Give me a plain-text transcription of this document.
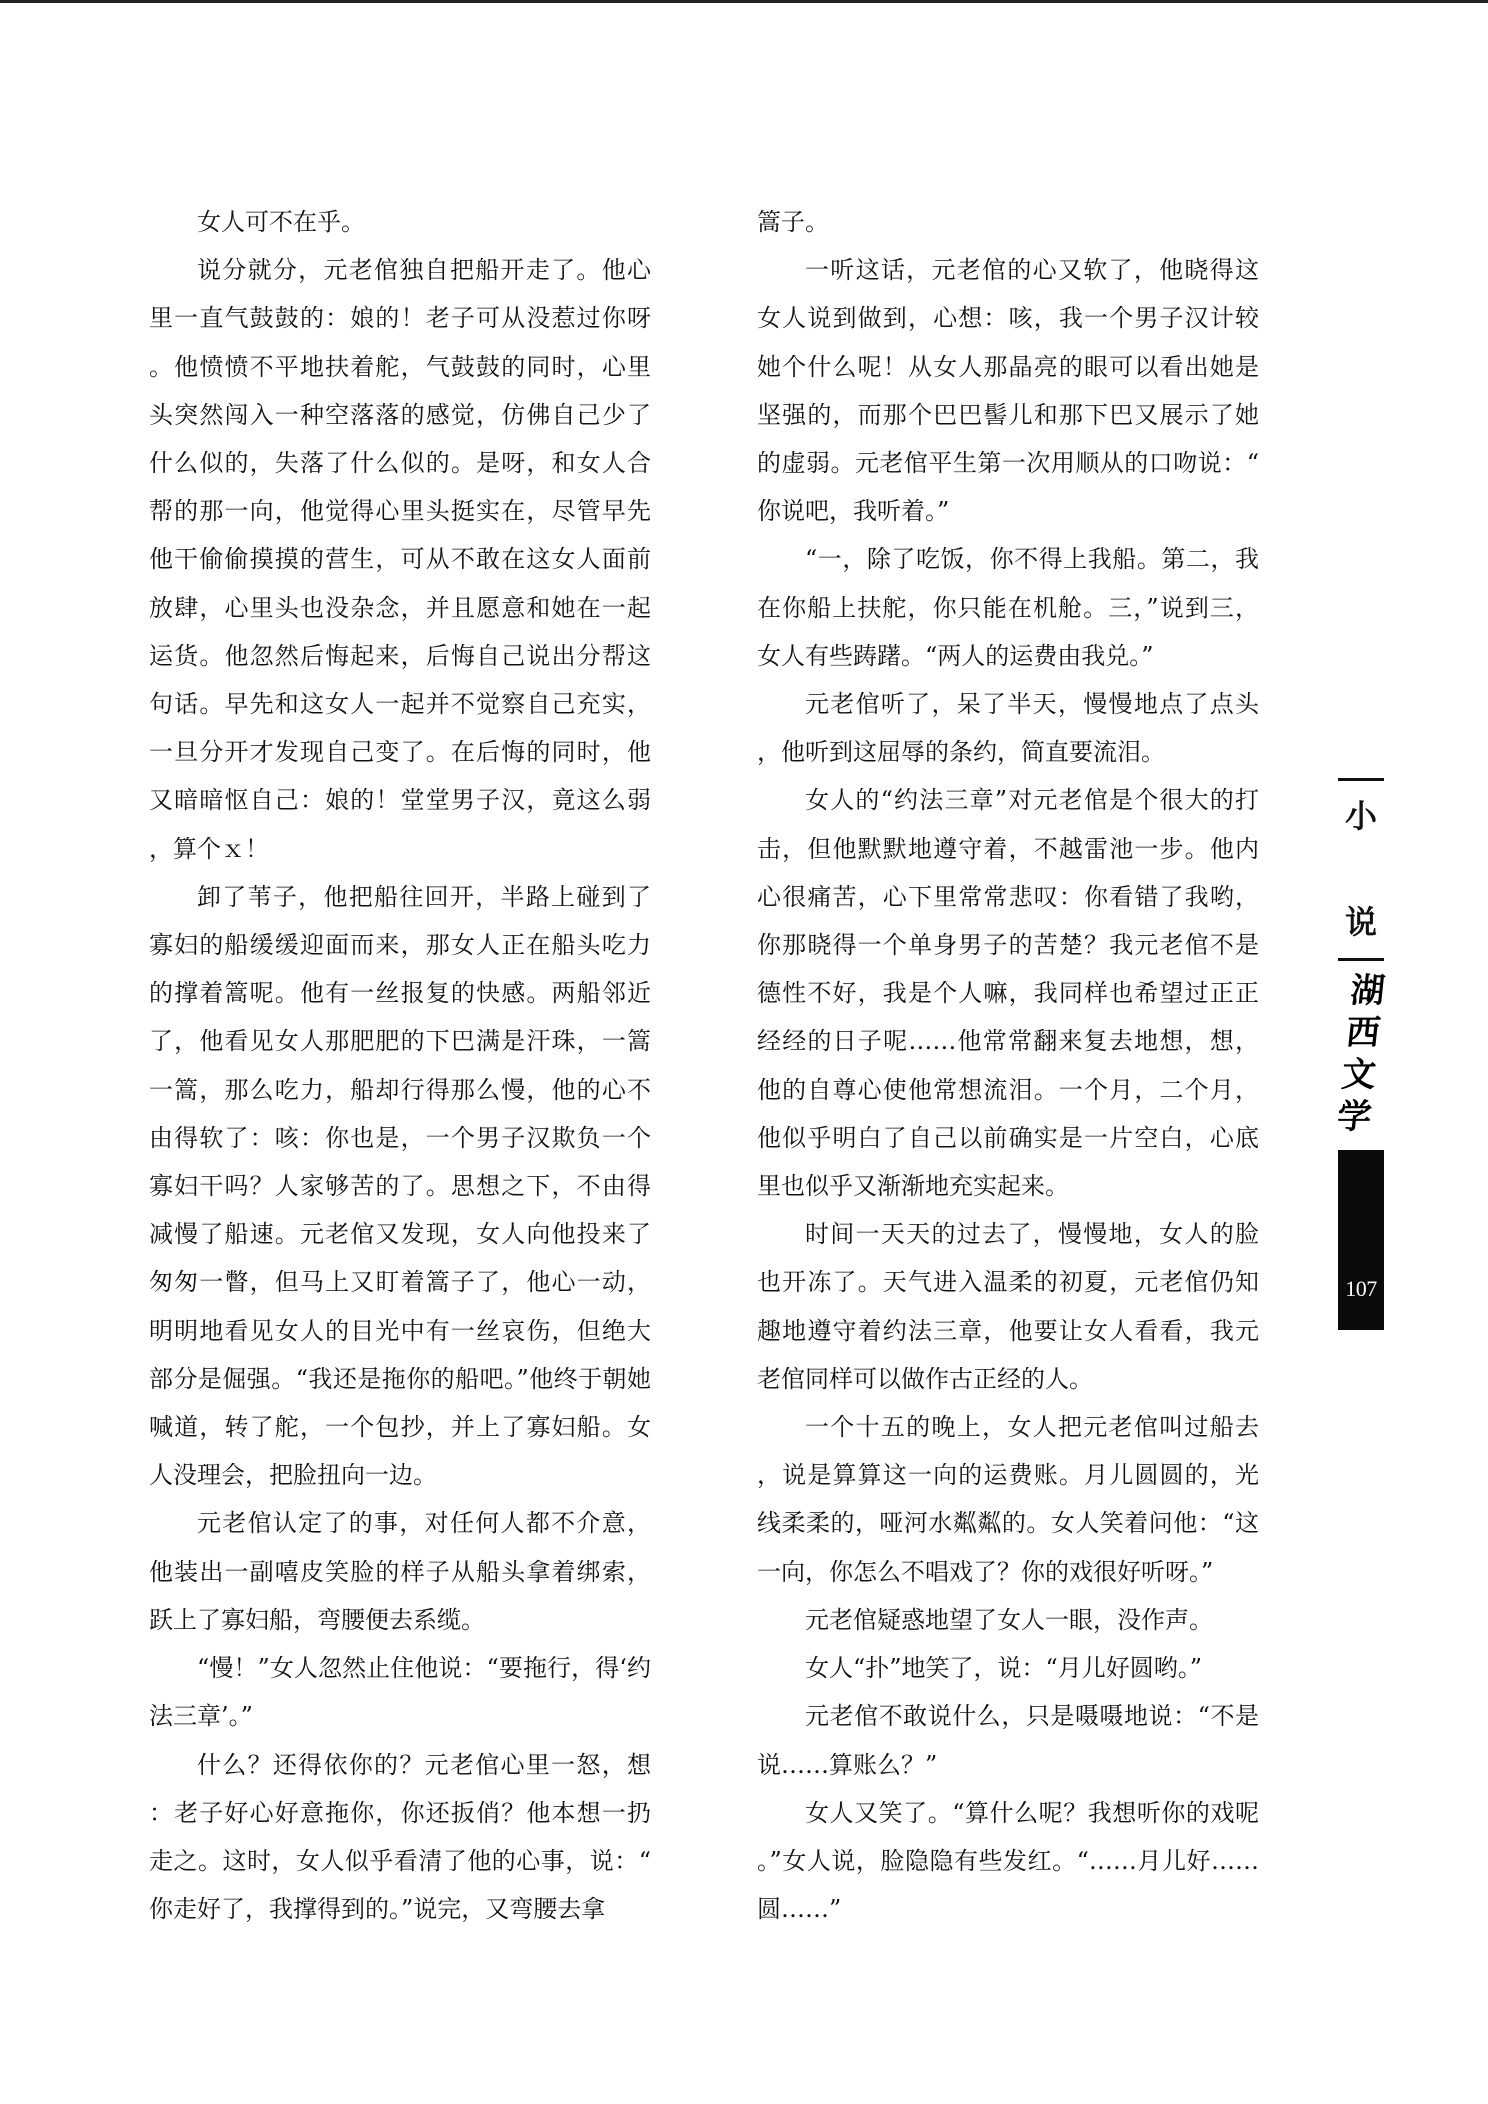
女人可不在乎。

说分就分，元老倌独自把船开走了。他心里一直气鼓鼓的：娘的！老子可从没惹过你呀。他愤愤不平地扶着舵，气鼓鼓的同时，心里头突然闯入一种空落落的感觉，仿佛自己少了什么似的，失落了什么似的。是呀，和女人合帮的那一向，他觉得心里头挺实在，尽管早先他干偷偷摸摸的营生，可从不敢在这女人面前放肆，心里头也没杂念，并且愿意和她在一起运货。他忽然后悔起来，后悔自己说出分帮这句话。早先和这女人一起并不觉察自己充实，一旦分开才发现自己变了。在后悔的同时，他又暗暗怄自己：娘的！堂堂男子汉，竟这么弱，算个ｘ！

卸了苇子，他把船往回开，半路上碰到了寡妇的船缓缓迎面而来，那女人正在船头吃力的撑着篙呢。他有一丝报复的快感。两船邻近了，他看见女人那肥肥的下巴满是汗珠，一篙一篙，那么吃力，船却行得那么慢，他的心不由得软了：咳：你也是，一个男子汉欺负一个寡妇干吗？人家够苦的了。思想之下，不由得减慢了船速。元老倌又发现，女人向他投来了匆匆一瞥，但马上又盯着篙子了，他心一动，明明地看见女人的目光中有一丝哀伤，但绝大部分是倔强。“我还是拖你的船吧。”他终于朝她喊道，转了舵，一个包抄，并上了寡妇船。女人没理会，把脸扭向一边。

元老倌认定了的事，对任何人都不介意，他装出一副嘻皮笑脸的样子从船头拿着绑索，跃上了寡妇船，弯腰便去系缆。

“慢！”女人忽然止住他说：“要拖行，得‘约法三章’。”

什么？还得依你的？元老倌心里一怒，想：老子好心好意拖你，你还扳俏？他本想一扔走之。这时，女人似乎看清了他的心事，说：“你走好了，我撑得到的。”说完，又弯腰去拿

篙子。

一听这话，元老倌的心又软了，他晓得这女人说到做到，心想：咳，我一个男子汉计较她个什么呢！从女人那晶亮的眼可以看出她是坚强的，而那个巴巴髻儿和那下巴又展示了她的虚弱。元老倌平生第一次用顺从的口吻说：“你说吧，我听着。”

“一，除了吃饭，你不得上我船。第二，我在你船上扶舵，你只能在机舱。三，”说到三，女人有些踌躇。“两人的运费由我兑。”

元老倌听了，呆了半天，慢慢地点了点头，他听到这屈辱的条约，简直要流泪。

女人的“约法三章”对元老倌是个很大的打击，但他默默地遵守着，不越雷池一步。他内心很痛苦，心下里常常悲叹：你看错了我哟，你那晓得一个单身男子的苦楚？我元老倌不是德性不好，我是个人嘛，我同样也希望过正正经经的日子呢……他常常翻来复去地想，想，他的自尊心使他常想流泪。一个月，二个月，他似乎明白了自己以前确实是一片空白，心底里也似乎又渐渐地充实起来。

时间一天天的过去了，慢慢地，女人的脸也开冻了。天气进入温柔的初夏，元老倌仍知趣地遵守着约法三章，他要让女人看看，我元老倌同样可以做作古正经的人。

一个十五的晚上，女人把元老倌叫过船去，说是算算这一向的运费账。月儿圆圆的，光线柔柔的，哑河水粼粼的。女人笑着问他：“这一向，你怎么不唱戏了？你的戏很好听呀。”

元老倌疑惑地望了女人一眼，没作声。

女人“扑”地笑了，说：“月儿好圆哟。”

元老倌不敢说什么，只是嗫嗫地说：“不是说……算账么？”

女人又笑了。“算什么呢？我想听你的戏呢。”女人说，脸隐隐有些发红。“……月儿好……圆……”

小
说
湖
西
文
学
107
